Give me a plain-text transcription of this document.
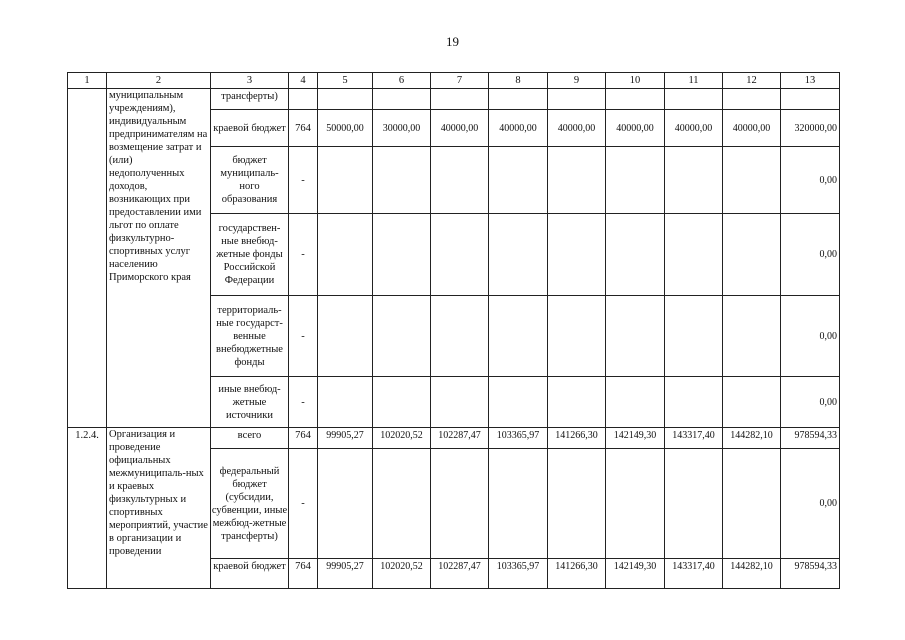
19
1	2	3	4	5	6	7	8	9	10	11	12	13
	муниципальным учреждениям), индивидуальным предпринимателям на возмещение затрат и (или) недополученных доходов, возникающих при предоставлении ими льгот по оплате физкультурно-спортивных услуг населению Приморского края	трансферты)										
		краевой бюджет	764	50000,00	30000,00	40000,00	40000,00	40000,00	40000,00	40000,00	40000,00	320000,00
		бюджет муниципаль-ного образования	-									0,00
		государствен-ные внебюд-жетные фонды Российской Федерации	-									0,00
		территориаль-ные государст-венные внебюджетные фонды	-									0,00
		иные внебюд-жетные источники	-									0,00
1.2.4.	Организация и проведение официальных межмуниципаль-ных и краевых физкультурных и спортивных мероприятий, участие в организации и проведении	всего	764	99905,27	102020,52	102287,47	103365,97	141266,30	142149,30	143317,40	144282,10	978594,33
		федеральный бюджет (субсидии, субвенции, иные межбюд-жетные трансферты)	-									0,00
		краевой бюджет	764	99905,27	102020,52	102287,47	103365,97	141266,30	142149,30	143317,40	144282,10	978594,33
